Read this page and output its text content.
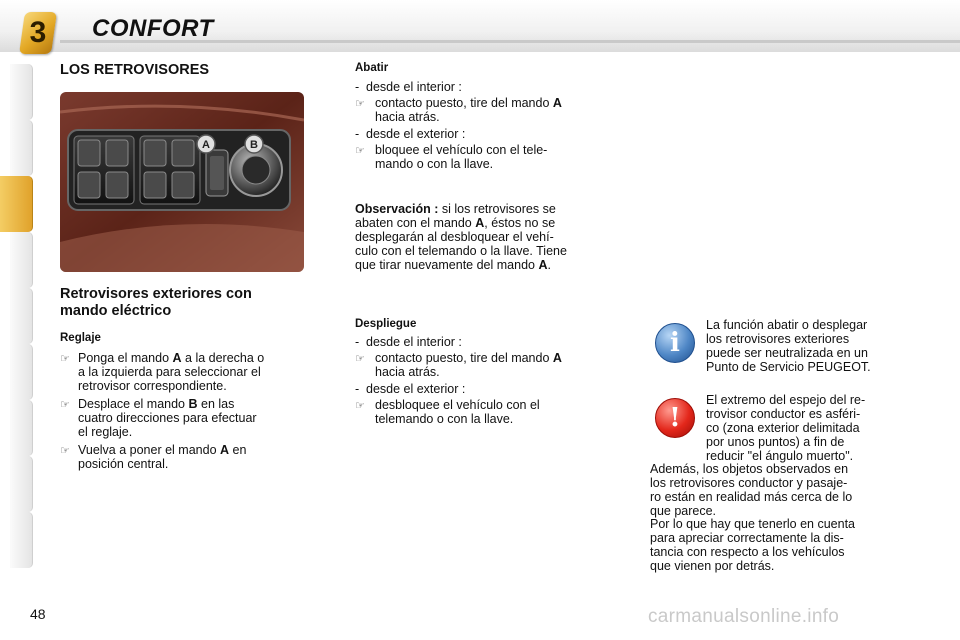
3	CONFORT
LOS RETROVISORES
A	B
Retrovisores exteriores con
mando eléctrico
Reglaje
☞ Ponga el mando A a la derecha o
a la izquierda para seleccionar el
retrovisor correspondiente.
☞ Desplace el mando B en las
cuatro direcciones para efectuar
el reglaje.
☞ Vuelva a poner el mando A en
posición central.
Abatir
- desde el interior :
☞ contacto puesto, tire del mando A
hacia atrás.
- desde el exterior :
☞ bloquee el vehículo con el tele-
mando o con la llave.
Observación : si los retrovisores se
abaten con el mando A, éstos no se
desplegarán al desbloquear el vehí-
culo con el telemando o la llave. Tiene
que tirar nuevamente del mando A.
Despliegue
- desde el interior :
☞ contacto puesto, tire del mando A
hacia atrás.
- desde el exterior :
☞ desbloquee el vehículo con el
telemando o con la llave.
i
La función abatir o desplegar
los retrovisores exteriores
puede ser neutralizada en un
Punto de Servicio PEUGEOT.
!
El extremo del espejo del re-
trovisor conductor es asféri-
co (zona exterior delimitada
por unos puntos) a fin de
reducir "el ángulo muerto".
Además, los objetos observados en
los retrovisores conductor y pasaje-
ro están en realidad más cerca de lo
que parece.
Por lo que hay que tenerlo en cuenta
para apreciar correctamente la dis-
tancia con respecto a los vehículos
que vienen por detrás.
48	carmanualsonline.info
